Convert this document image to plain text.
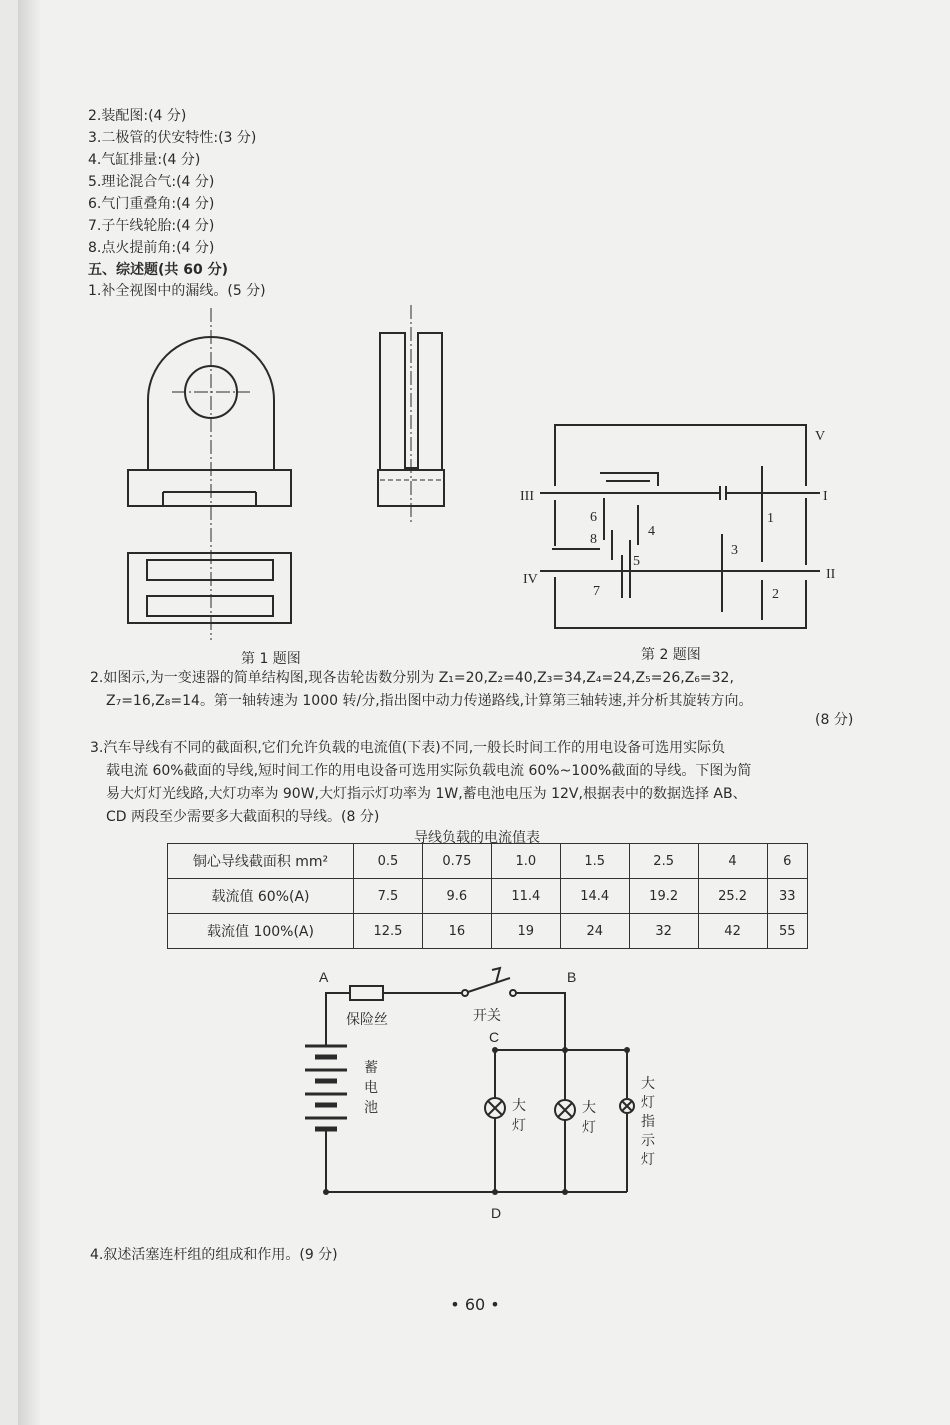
2.装配图:(4 分)
3.二极管的伏安特性:(3 分)
4.气缸排量:(4 分)
5.理论混合气:(4 分)
6.气门重叠角:(4 分)
7.子午线轮胎:(4 分)
8.点火提前角:(4 分)
五、综述题(共 60 分)
1.补全视图中的漏线。(5 分)
第 1 题图
V
I
III
II
IV
1
2
3
4
5
6
7
8
第 2 题图
2.如图示,为一变速器的简单结构图,现各齿轮齿数分别为 Z₁=20,Z₂=40,Z₃=34,Z₄=24,Z₅=26,Z₆=32,
Z₇=16,Z₈=14。第一轴转速为 1000 转/分,指出图中动力传递路线,计算第三轴转速,并分析其旋转方向。
(8 分)
3.汽车导线有不同的截面积,它们允许负载的电流值(下表)不同,一般长时间工作的用电设备可选用实际负
载电流 60%截面的导线,短时间工作的用电设备可选用实际负载电流 60%~100%截面的导线。下图为简
易大灯灯光线路,大灯功率为 90W,大灯指示灯功率为 1W,蓄电池电压为 12V,根据表中的数据选择 AB、
CD 两段至少需要多大截面积的导线。(8 分)
导线负载的电流值表
铜心导线截面积 mm²	0.5	0.75	1.0	1.5	2.5	4	6
载流值 60%(A)	7.5	9.6	11.4	14.4	19.2	25.2	33
载流值 100%(A)	12.5	16	19	24	32	42	55
A	B
C
D
保险丝	开关
蓄
电
池	大
灯
大
灯
大
灯
指
示
灯
4.叙述活塞连杆组的组成和作用。(9 分)
• 60 •
